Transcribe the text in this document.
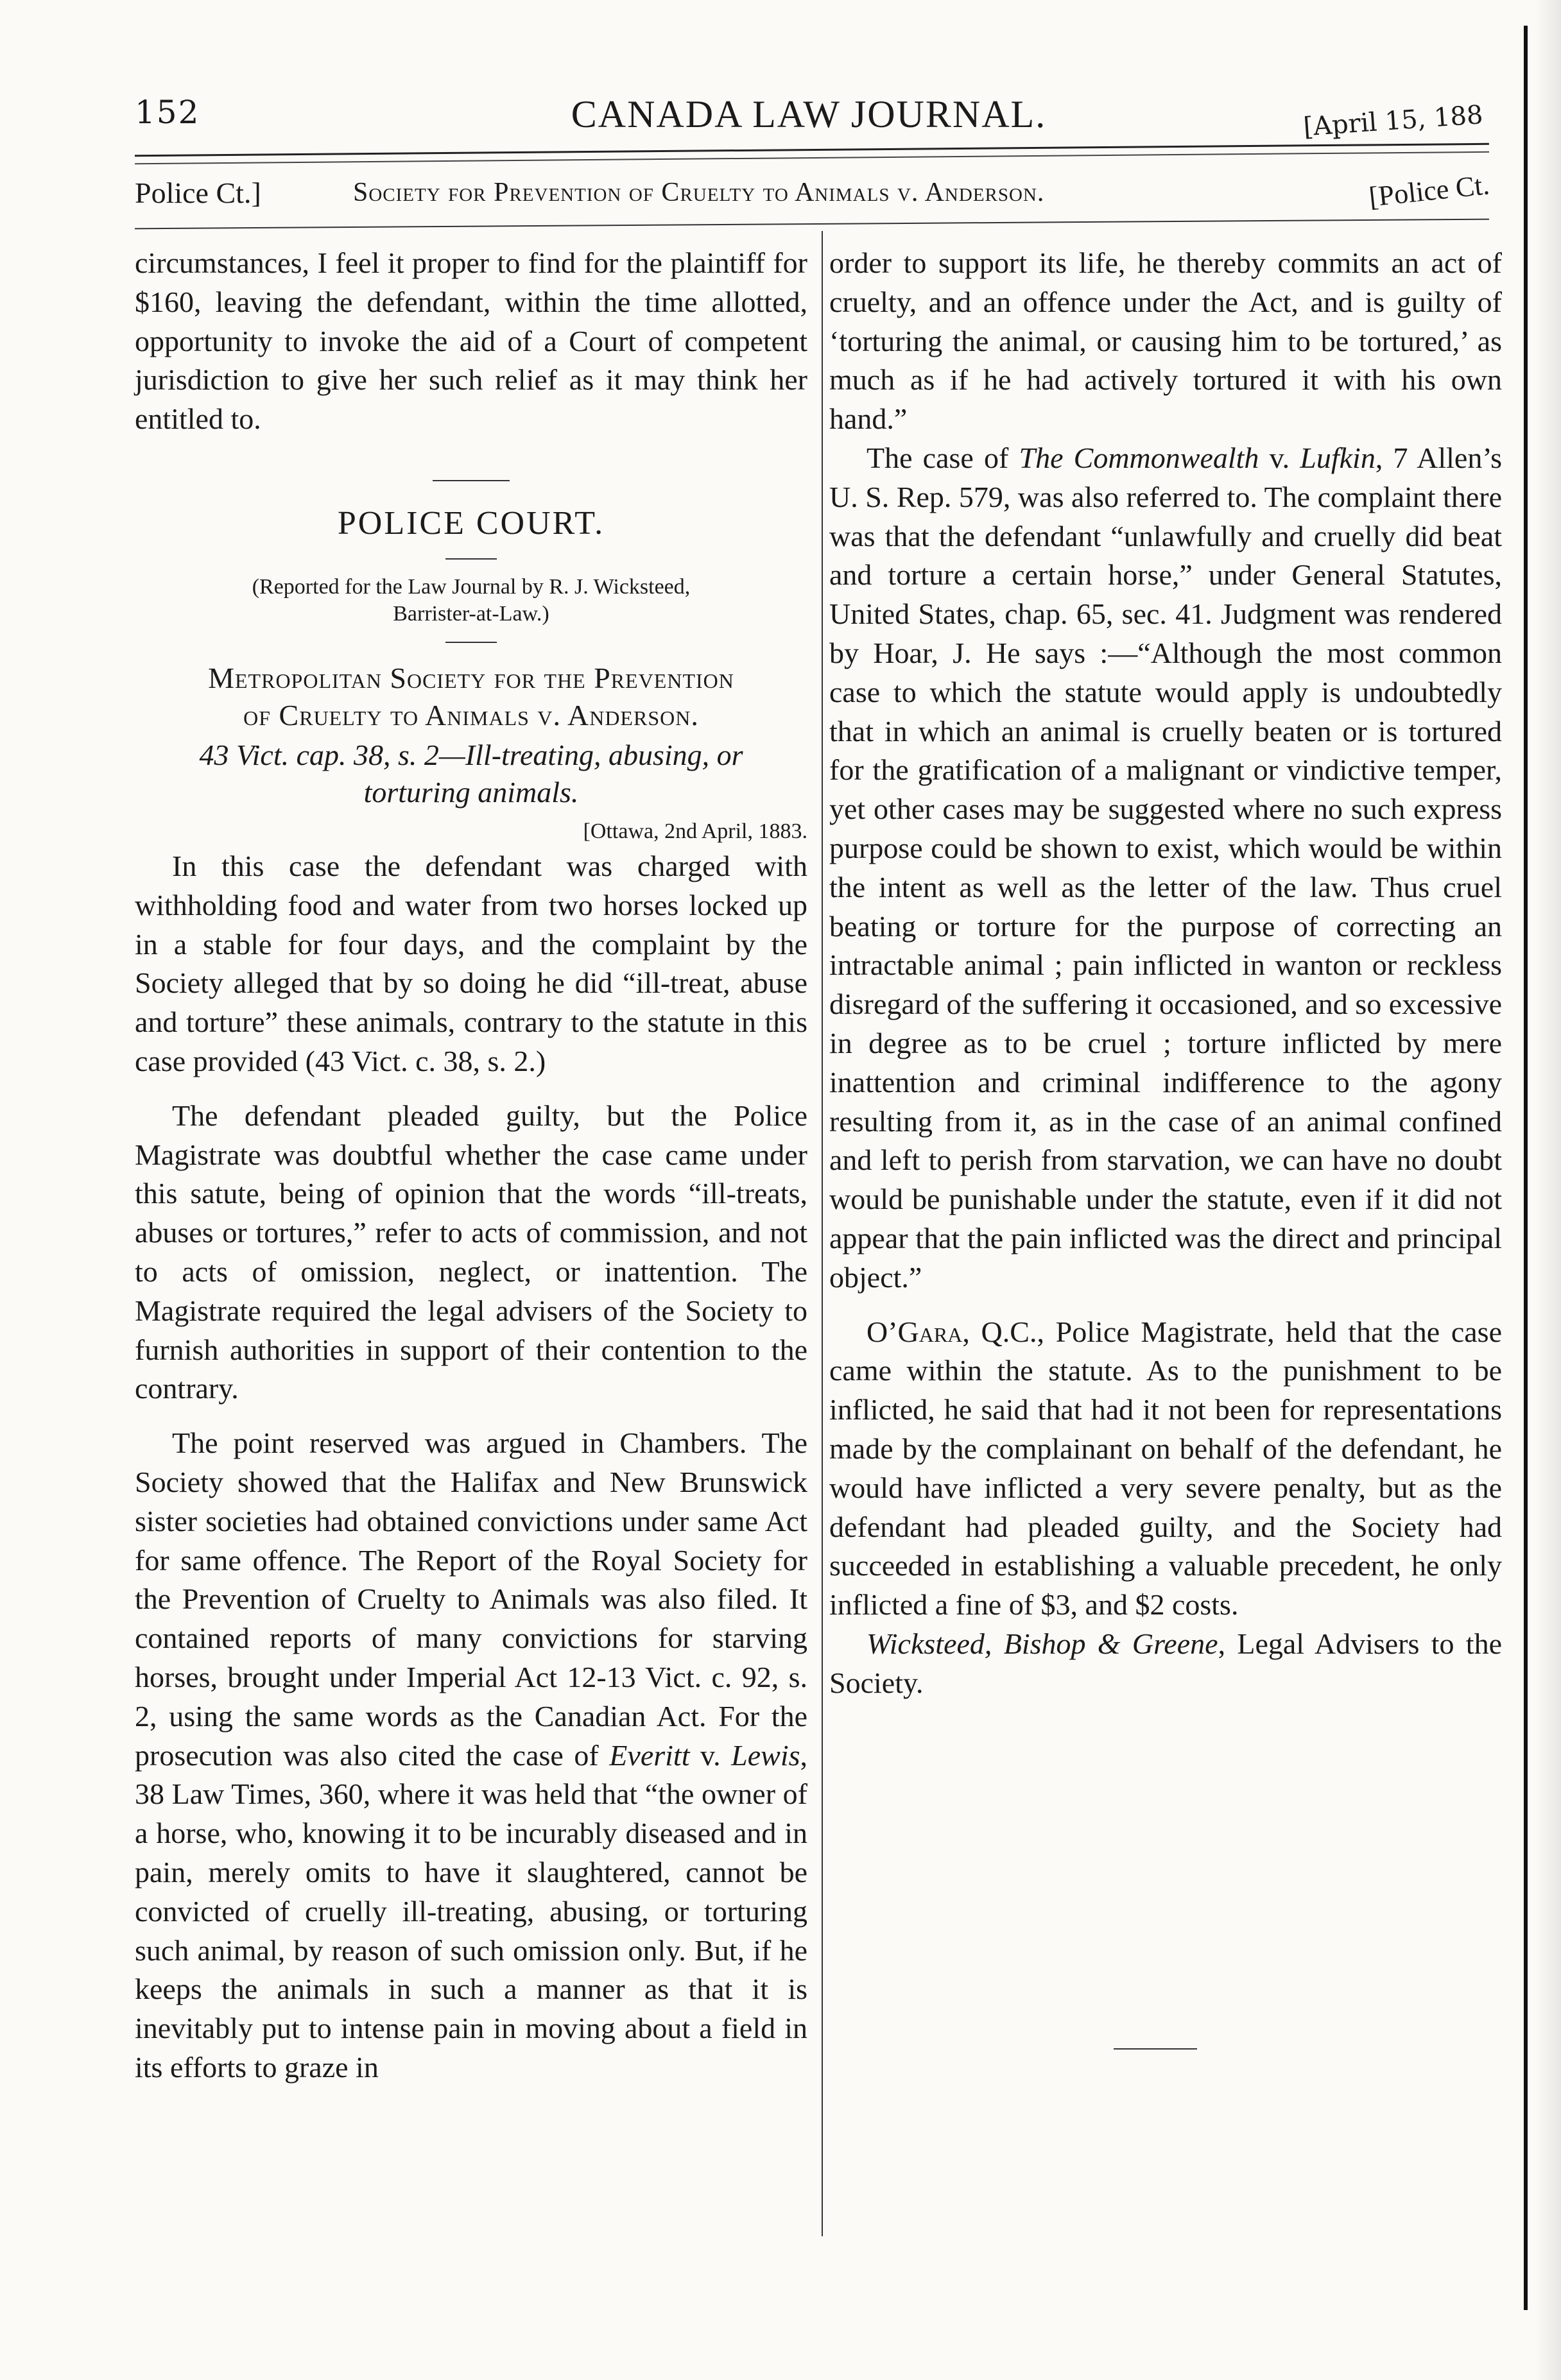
152	CANADA LAW JOURNAL.	[April 15, 188
Police Ct.]	Society for Prevention of Cruelty to Animals v. Anderson.	[Police Ct.

circumstances, I feel it proper to find for the plaintiff for $160, leaving the defendant, within the time allotted, opportunity to invoke the aid of a Court of competent jurisdiction to give her such relief as it may think her entitled to.

POLICE COURT.
(Reported for the Law Journal by R. J. Wicksteed,
Barrister-at-Law.)
Metropolitan Society for the Prevention
of Cruelty to Animals v. Anderson.
43 Vict. cap. 38, s. 2—Ill-treating, abusing, or
torturing animals.
[Ottawa, 2nd April, 1883.

In this case the defendant was charged with withholding food and water from two horses locked up in a stable for four days, and the complaint by the Society alleged that by so doing he did “ill-treat, abuse and torture” these animals, contrary to the statute in this case provided (43 Vict. c. 38, s. 2.)

The defendant pleaded guilty, but the Police Magistrate was doubtful whether the case came under this satute, being of opinion that the words “ill-treats, abuses or tortures,” refer to acts of commission, and not to acts of omission, neglect, or inattention. The Magistrate required the legal advisers of the Society to furnish authorities in support of their contention to the contrary.

The point reserved was argued in Chambers. The Society showed that the Halifax and New Brunswick sister societies had obtained convictions under same Act for same offence. The Report of the Royal Society for the Prevention of Cruelty to Animals was also filed. It contained reports of many convictions for starving horses, brought under Imperial Act 12-13 Vict. c. 92, s. 2, using the same words as the Canadian Act. For the prosecution was also cited the case of Everitt v. Lewis, 38 Law Times, 360, where it was held that “the owner of a horse, who, knowing it to be incurably diseased and in pain, merely omits to have it slaughtered, cannot be convicted of cruelly ill-treating, abusing, or torturing such animal, by reason of such omission only. But, if he keeps the animals in such a manner as that it is inevitably put to intense pain in moving about a field in its efforts to graze in

order to support its life, he thereby commits an act of cruelty, and an offence under the Act, and is guilty of ‘torturing the animal, or causing him to be tortured,’ as much as if he had actively tortured it with his own hand.”

The case of The Commonwealth v. Lufkin, 7 Allen’s U. S. Rep. 579, was also referred to. The complaint there was that the defendant “unlawfully and cruelly did beat and torture a certain horse,” under General Statutes, United States, chap. 65, sec. 41. Judgment was rendered by Hoar, J. He says :—“Although the most common case to which the statute would apply is undoubtedly that in which an animal is cruelly beaten or is tortured for the gratification of a malignant or vindictive temper, yet other cases may be suggested where no such express purpose could be shown to exist, which would be within the intent as well as the letter of the law. Thus cruel beating or torture for the purpose of correcting an intractable animal ; pain inflicted in wanton or reckless disregard of the suffering it occasioned, and so excessive in degree as to be cruel ; torture inflicted by mere inattention and criminal indifference to the agony resulting from it, as in the case of an animal confined and left to perish from starvation, we can have no doubt would be punishable under the statute, even if it did not appear that the pain inflicted was the direct and principal object.”

O’Gara, Q.C., Police Magistrate, held that the case came within the statute. As to the punishment to be inflicted, he said that had it not been for representations made by the complainant on behalf of the defendant, he would have inflicted a very severe penalty, but as the defendant had pleaded guilty, and the Society had succeeded in establishing a valuable precedent, he only inflicted a fine of $3, and $2 costs.

Wicksteed, Bishop & Greene, Legal Advisers to the Society.
